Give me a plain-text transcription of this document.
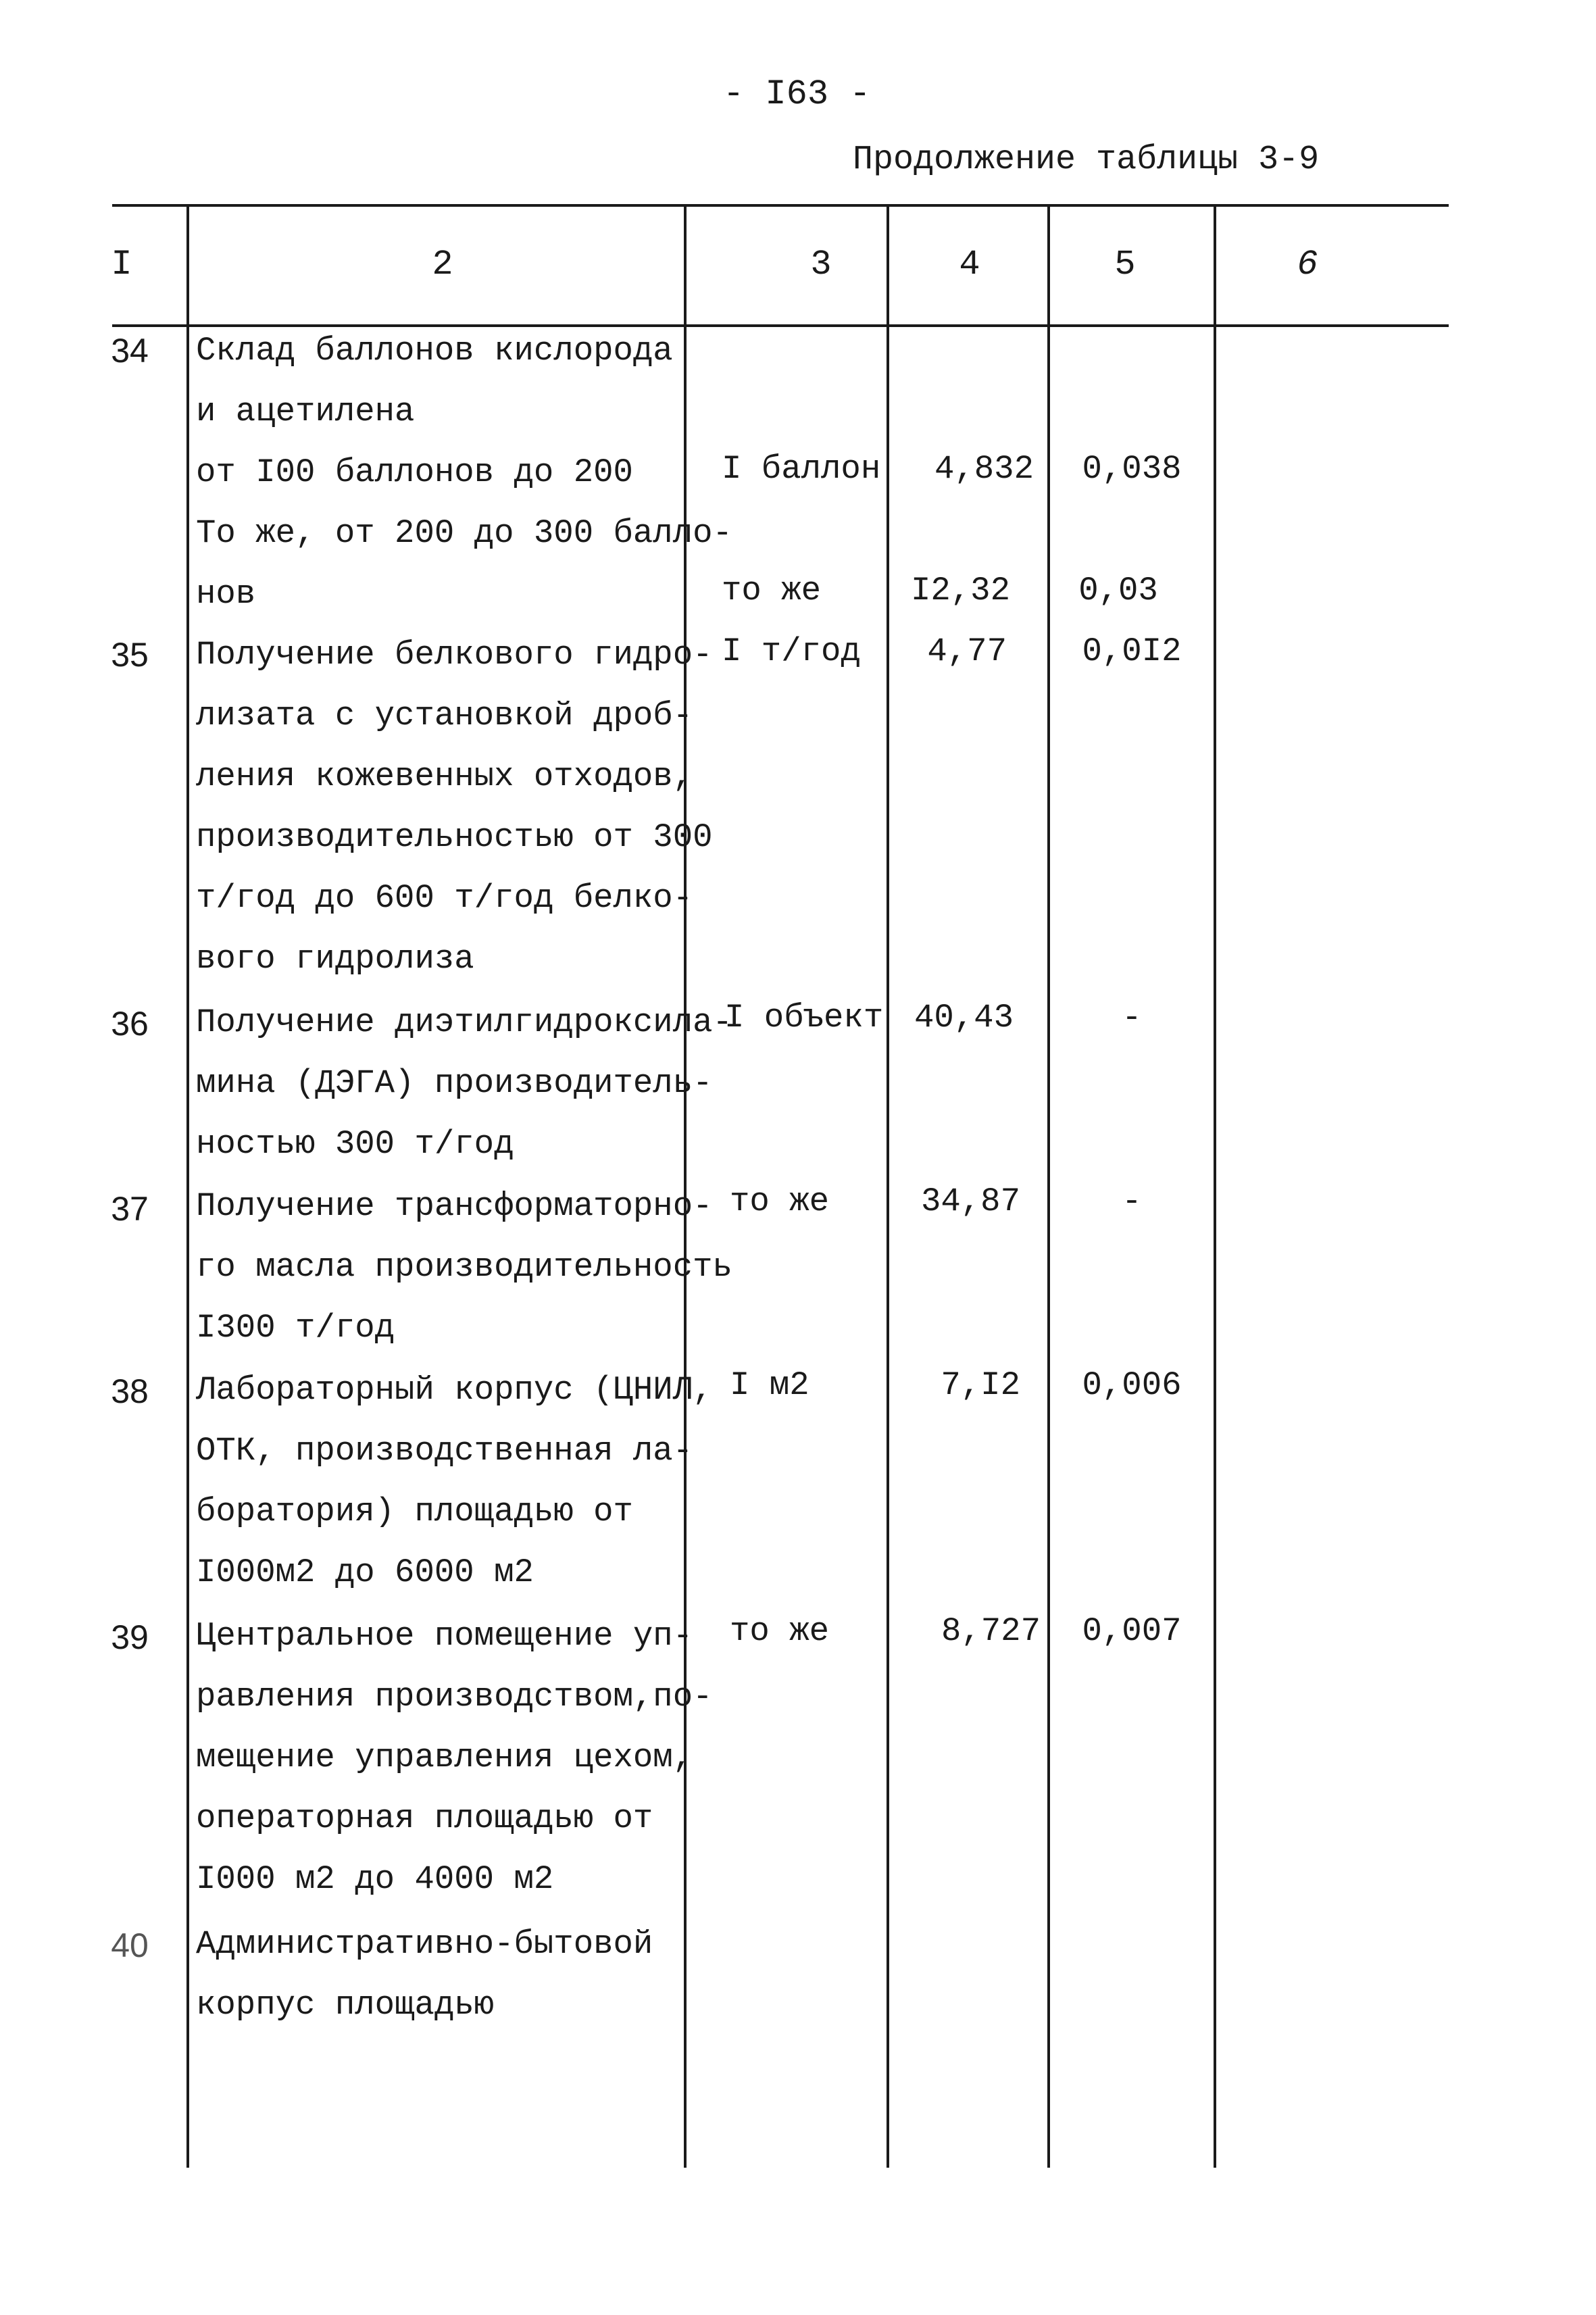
- I63 -
Продолжение таблицы 3-9
I	2	3	4	5	6
34 Склад баллонов кислорода
и ацетилена
от I00 баллонов до 200
То же, от 200 до 300 балло-
нов
I баллон	4,832	0,038
то же	I2,32	0,03
35 Получение белкового гидро-
лизата с установкой дроб-
ления кожевенных отходов,
производительностью от 300
т/год до 600 т/год белко-
вого гидролиза
I т/год	4,77	0,0I2
36 Получение диэтилгидроксила-
мина (ДЭГА) производитель-
ностью 300 т/год
I объект 40,43	-
37 Получение трансформаторно-
го масла производительность
I300 т/год
то же	34,87	-
38 Лабораторный корпус (ЦНИЛ,
ОТК, производственная ла-
боратория) площадью от
I000м2 до 6000 м2
I м2	7,I2	0,006
39 Центральное помещение уп-
равления производством,по-
мещение управления цехом,
операторная площадью от
I000 м2 до 4000 м2
то же	8,727	0,007
40 Административно-бытовой
корпус площадью
